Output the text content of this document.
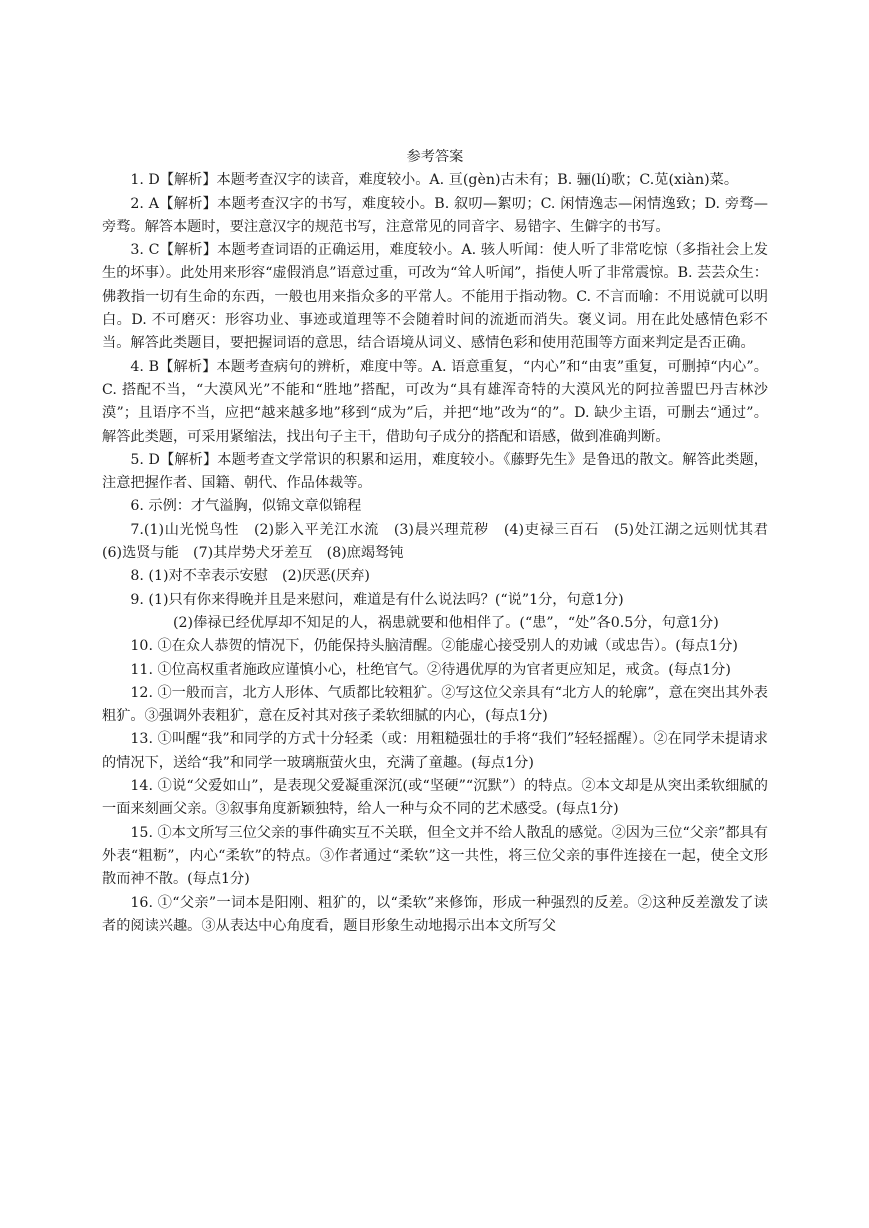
参考答案

1. D【解析】本题考查汉字的读音，难度较小。A. 亘(gèn)古未有；B. 骊(lí)歌；C.苋(xiàn)菜。

2. A【解析】本题考查汉字的书写，难度较小。B. 叙叨—絮叨；C. 闲情逸志—闲情逸致；D. 旁骛—旁骛。解答本题时，要注意汉字的规范书写，注意常见的同音字、易错字、生僻字的书写。

3. C【解析】本题考查词语的正确运用，难度较小。A. 骇人听闻：使人听了非常吃惊（多指社会上发生的坏事）。此处用来形容“虚假消息”语意过重，可改为“耸人听闻”，指使人听了非常震惊。B. 芸芸众生：佛教指一切有生命的东西，一般也用来指众多的平常人。不能用于指动物。C. 不言而喻：不用说就可以明白。D. 不可磨灭：形容功业、事迹或道理等不会随着时间的流逝而消失。褒义词。用在此处感情色彩不当。解答此类题目，要把握词语的意思，结合语境从词义、感情色彩和使用范围等方面来判定是否正确。

4. B【解析】本题考查病句的辨析，难度中等。A. 语意重复，“内心”和“由衷”重复，可删掉“内心”。C. 搭配不当，“大漠风光”不能和“胜地”搭配，可改为“具有雄浑奇特的大漠风光的阿拉善盟巴丹吉林沙漠”；且语序不当，应把“越来越多地”移到“成为”后，并把“地”改为“的”。D. 缺少主语，可删去“通过”。解答此类题，可采用紧缩法，找出句子主干，借助句子成分的搭配和语感，做到准确判断。

5. D【解析】本题考查文学常识的积累和运用，难度较小。《藤野先生》是鲁迅的散文。解答此类题，注意把握作者、国籍、朝代、作品体裁等。

6. 示例：才气溢胸，似锦文章似锦程

7.(1)山光悦鸟性　(2)影入平羌江水流　(3)晨兴理荒秽　(4)吏禄三百石　(5)处江湖之远则忧其君　(6)选贤与能　(7)其岸势犬牙差互　(8)庶竭驽钝

8. (1)对不幸表示安慰　(2)厌恶(厌弃)

9. (1)只有你来得晚并且是来慰问，难道是有什么说法吗？(“说”1分，句意1分)

(2)俸禄已经优厚却不知足的人，祸患就要和他相伴了。(“患”，“处”各0.5分，句意1分)

10. ①在众人恭贺的情况下，仍能保持头脑清醒。②能虚心接受别人的劝诫（或忠告）。(每点1分)

11. ①位高权重者施政应谨慎小心，杜绝官气。②待遇优厚的为官者更应知足，戒贪。(每点1分)

12. ①一般而言，北方人形体、气质都比较粗犷。②写这位父亲具有“北方人的轮廓”，意在突出其外表粗犷。③强调外表粗犷，意在反衬其对孩子柔软细腻的内心，(每点1分)

13. ①叫醒“我”和同学的方式十分轻柔（或：用粗糙强壮的手将“我们”轻轻摇醒）。②在同学未提请求的情况下，送给“我”和同学一玻璃瓶萤火虫，充满了童趣。(每点1分)

14. ①说“父爱如山”，是表现父爱凝重深沉(或“坚硬”“沉默”）的特点。②本文却是从突出柔软细腻的一面来刻画父亲。③叙事角度新颖独特，给人一种与众不同的艺术感受。(每点1分)

15. ①本文所写三位父亲的事件确实互不关联，但全文并不给人散乱的感觉。②因为三位“父亲”都具有外表“粗粝”，内心“柔软”的特点。③作者通过“柔软”这一共性，将三位父亲的事件连接在一起，使全文形散而神不散。(每点1分)

16. ①“父亲”一词本是阳刚、粗犷的，以“柔软”来修饰，形成一种强烈的反差。②这种反差激发了读者的阅读兴趣。③从表达中心角度看，题目形象生动地揭示出本文所写父
